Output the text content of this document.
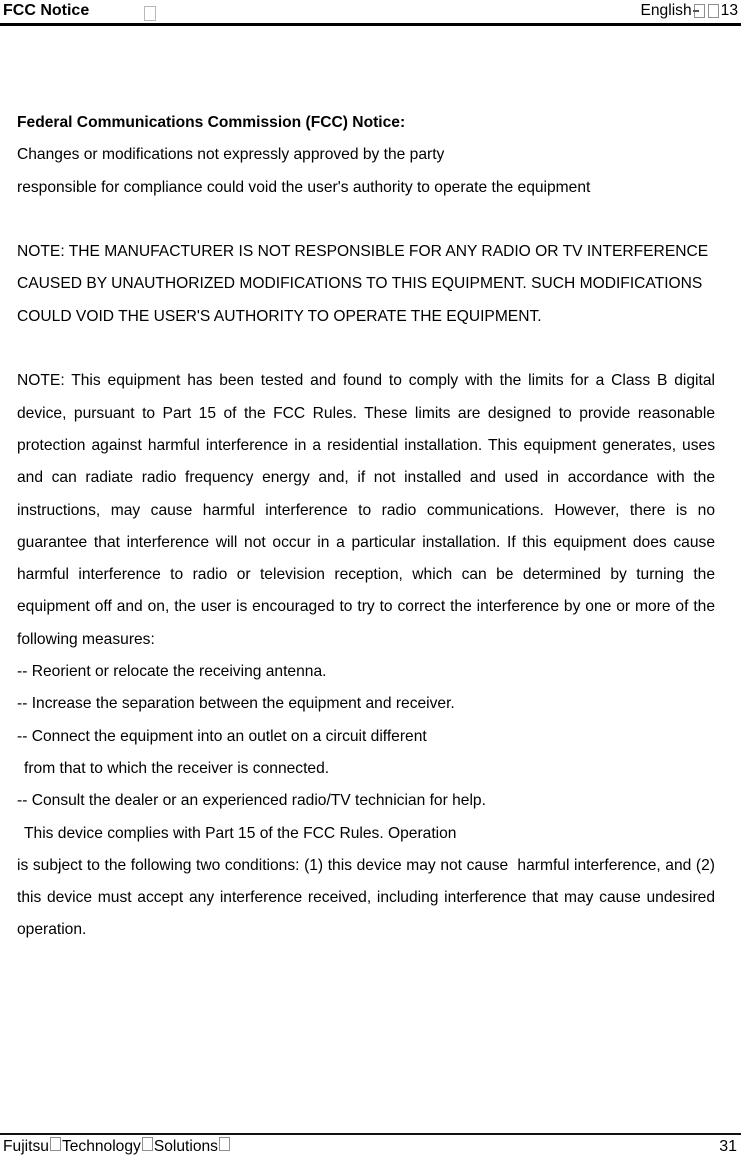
FCC Notice	English 13
Federal Communications Commission (FCC) Notice:
Changes or modifications not expressly approved by the party
responsible for compliance could void the user's authority to operate the equipment
NOTE: THE MANUFACTURER IS NOT RESPONSIBLE FOR ANY RADIO OR TV INTERFERENCE
CAUSED BY UNAUTHORIZED MODIFICATIONS TO THIS EQUIPMENT. SUCH MODIFICATIONS
COULD VOID THE USER'S AUTHORITY TO OPERATE THE EQUIPMENT.
NOTE: This equipment has been tested and found to comply with the limits for a Class B digital
device, pursuant to Part 15 of the FCC Rules. These limits are designed to provide reasonable
protection against harmful interference in a residential installation. This equipment generates, uses
and can radiate radio frequency energy and, if not installed and used in accordance with the
instructions, may cause harmful interference to radio communications. However, there is no
guarantee that interference will not occur in a particular installation. If this equipment does cause
harmful interference to radio or television reception, which can be determined by turning the
equipment off and on, the user is encouraged to try to correct the interference by one or more of the
following measures:
-- Reorient or relocate the receiving antenna.
-- Increase the separation between the equipment and receiver.
-- Connect the equipment into an outlet on a circuit different
from that to which the receiver is connected.
-- Consult the dealer or an experienced radio/TV technician for help.
This device complies with Part 15 of the FCC Rules. Operation
is subject to the following two conditions: (1) this device may not cause  harmful interference, and (2)
this device must accept any interference received, including interference that may cause undesired
operation.
Fujitsu Technology Solutions	31
